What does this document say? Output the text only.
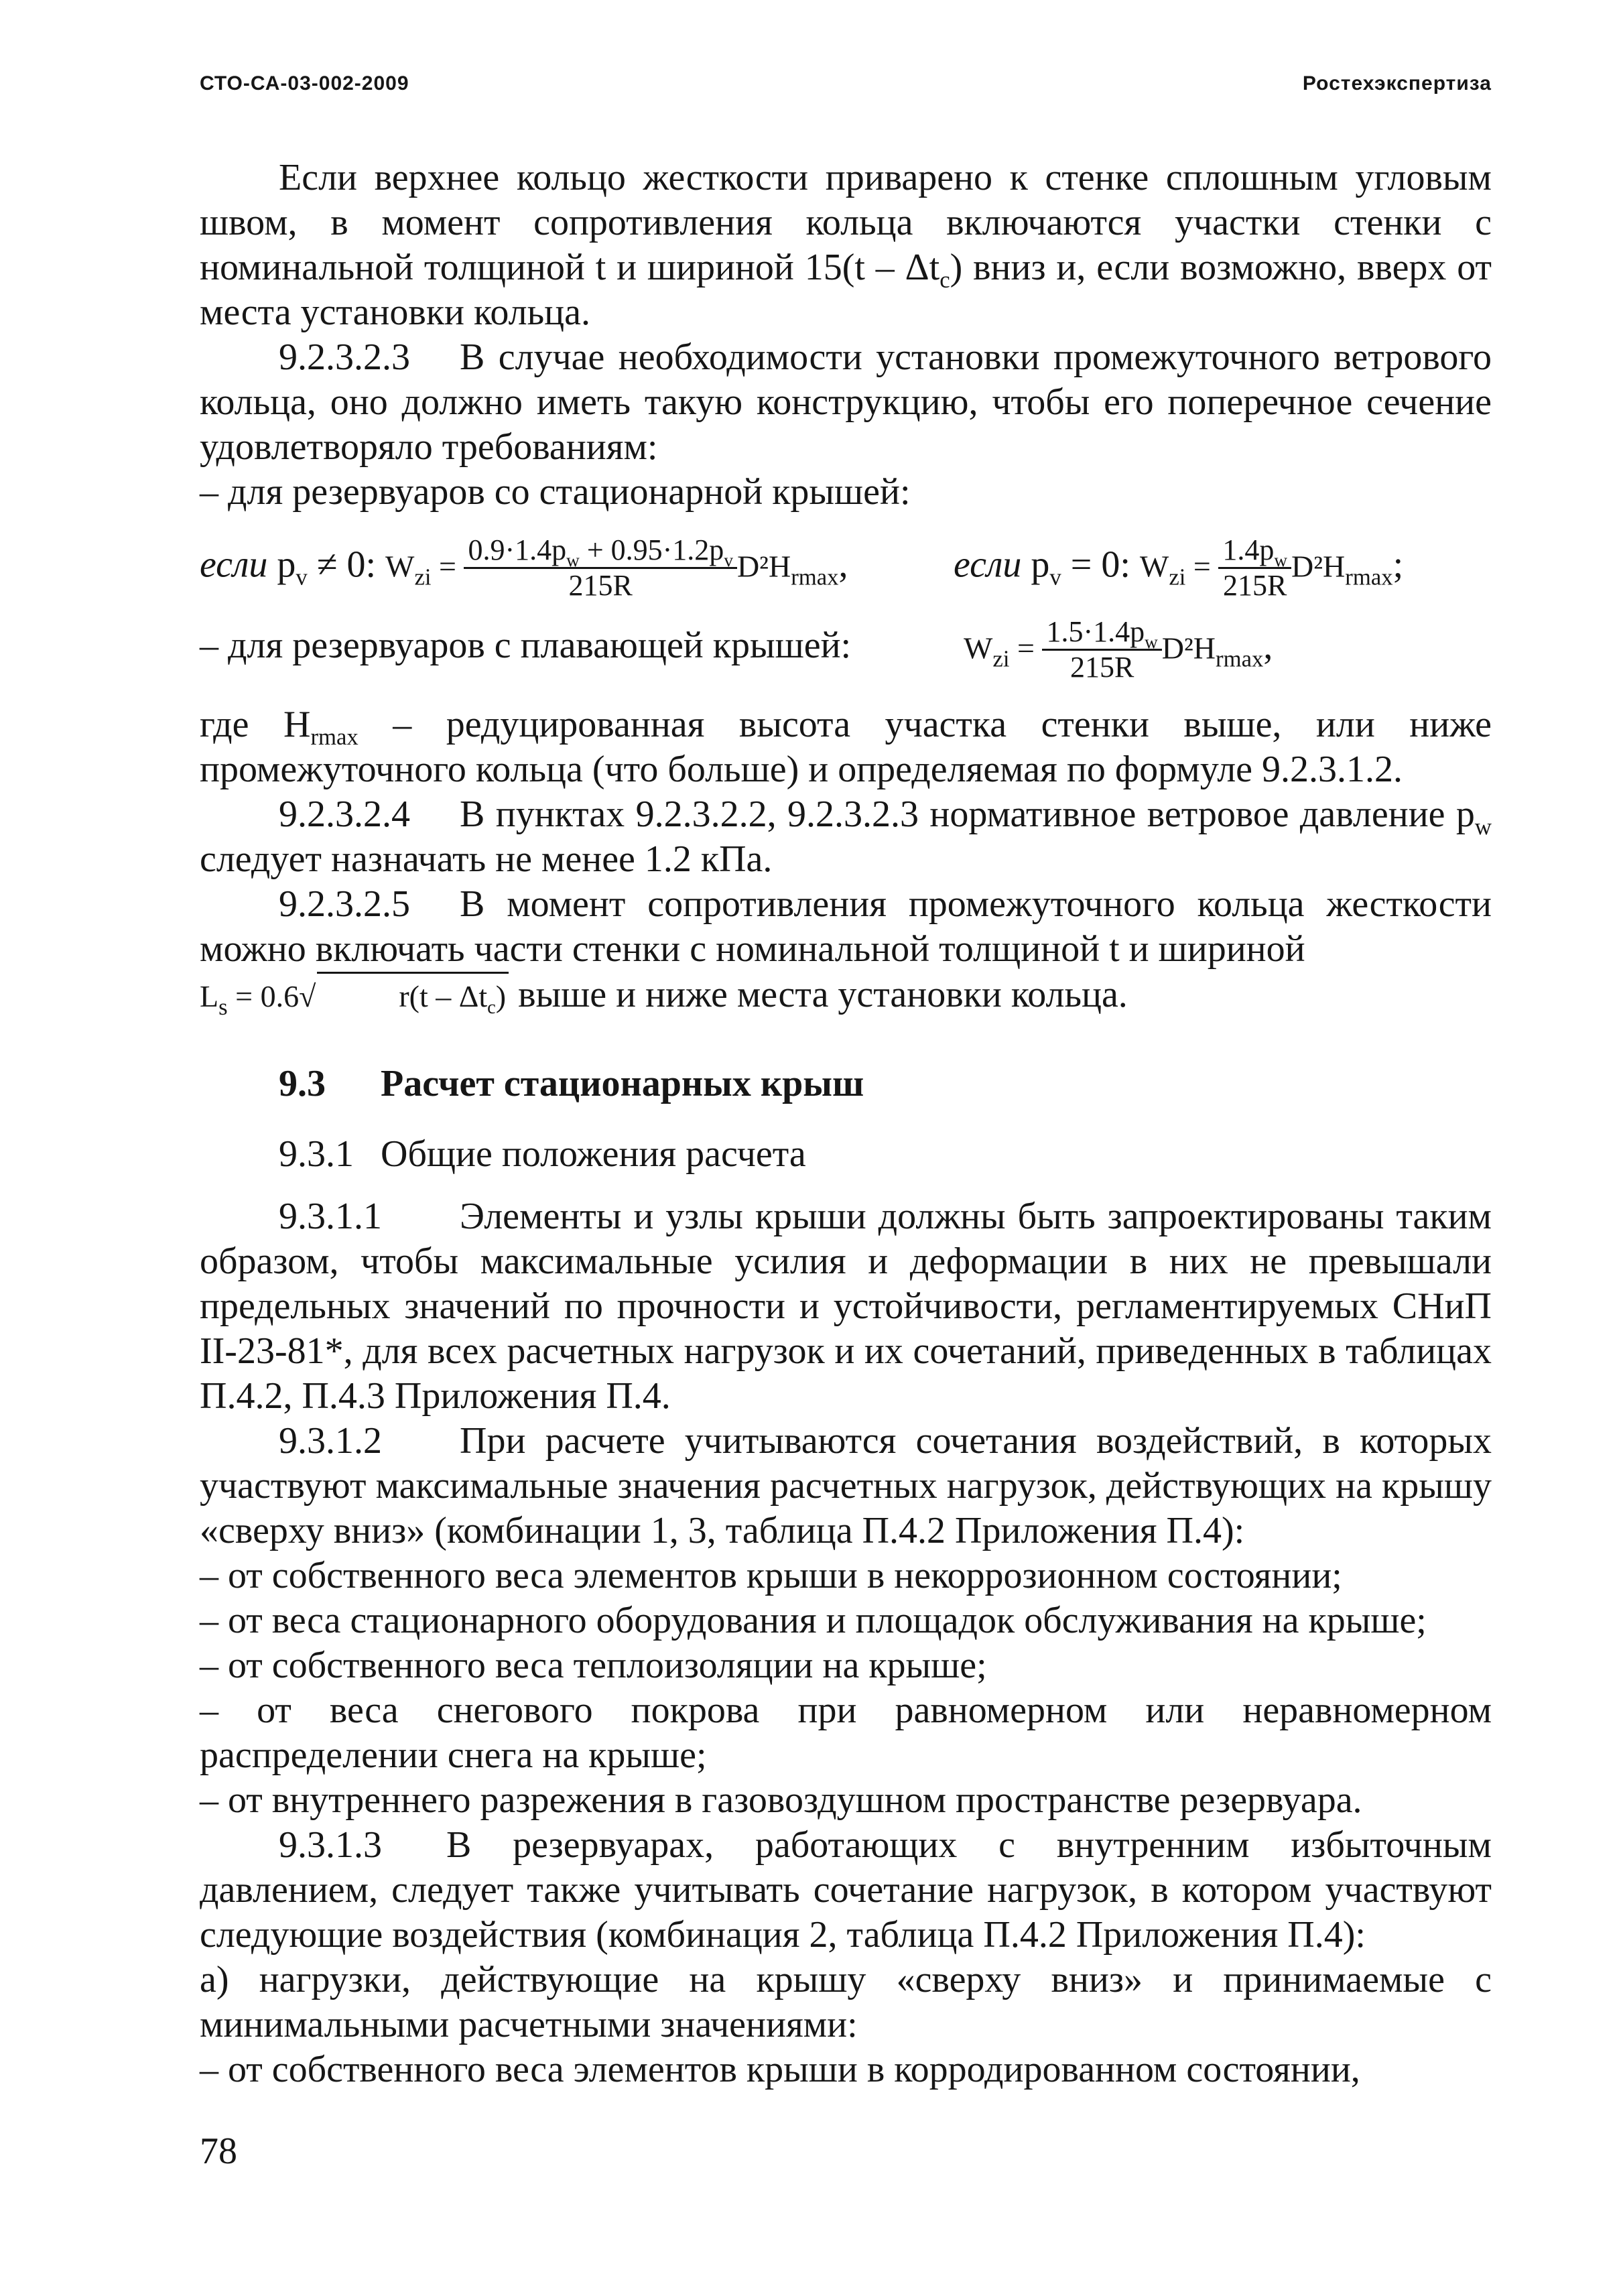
СТО-СА-03-002-2009	Ростехэкспертиза

Если верхнее кольцо жесткости приварено к стенке сплошным угловым швом, в момент сопротивления кольца включаются участки стенки с номинальной толщиной t и шириной $15(t - \Delta t_c)$ вниз и, если возможно, вверх от места установки кольца.

9.2.3.2.3 В случае необходимости установки промежуточного ветрового кольца, оно должно иметь такую конструкцию, чтобы его поперечное сечение удовлетворяло требованиям:

– для резервуаров со стационарной крышей:

если $p_v \ne 0$: $W_{zi} = \frac{0.9\cdot 1.4p_w + 0.95\cdot 1.2p_v}{215R} D^2H_{rmax}$,	если $p_v = 0$: $W_{zi} = \frac{1.4p_w}{215R} D^2H_{rmax}$;
– для резервуаров с плавающей крышей:	$W_{zi} = \frac{1.5\cdot 1.4p_w}{215R} D^2H_{rmax}$,

где $H_{rmax}$ – редуцированная высота участка стенки выше, или ниже промежуточного кольца (что больше) и определяемая по формуле 9.2.3.1.2.

9.2.3.2.4 В пунктах 9.2.3.2.2, 9.2.3.2.3 нормативное ветровое давление $p_w$ следует назначать не менее 1.2 кПа.

9.2.3.2.5 В момент сопротивления промежуточного кольца жесткости можно включать части стенки с номинальной толщиной t и шириной
$L_s = 0.6√$	$r(t - \Delta t_c)$ выше и ниже места установки кольца.

9.3 Расчет стационарных крыш
9.3.1 Общие положения расчета

9.3.1.1 Элементы и узлы крыши должны быть запроектированы таким образом, чтобы максимальные усилия и деформации в них не превышали предельных значений по прочности и устойчивости, регламентируемых СНиП II-23-81*, для всех расчетных нагрузок и их сочетаний, приведенных в таблицах П.4.2, П.4.3 Приложения П.4.

9.3.1.2 При расчете учитываются сочетания воздействий, в которых участвуют максимальные значения расчетных нагрузок, действующих на крышу «сверху вниз» (комбинации 1, 3, таблица П.4.2 Приложения П.4):

– от собственного веса элементов крыши в некоррозионном состоянии;

– от веса стационарного оборудования и площадок обслуживания на крыше;

– от собственного веса теплоизоляции на крыше;

– от веса снегового покрова при равномерном или неравномерном распределении снега на крыше;

– от внутреннего разрежения в газовоздушном пространстве резервуара.

9.3.1.3 В резервуарах, работающих с внутренним избыточным давлением, следует также учитывать сочетание нагрузок, в котором участвуют следующие воздействия (комбинация 2, таблица П.4.2 Приложения П.4):

а) нагрузки, действующие на крышу «сверху вниз» и принимаемые с минимальными расчетными значениями:

– от собственного веса элементов крыши в корродированном состоянии,

78
